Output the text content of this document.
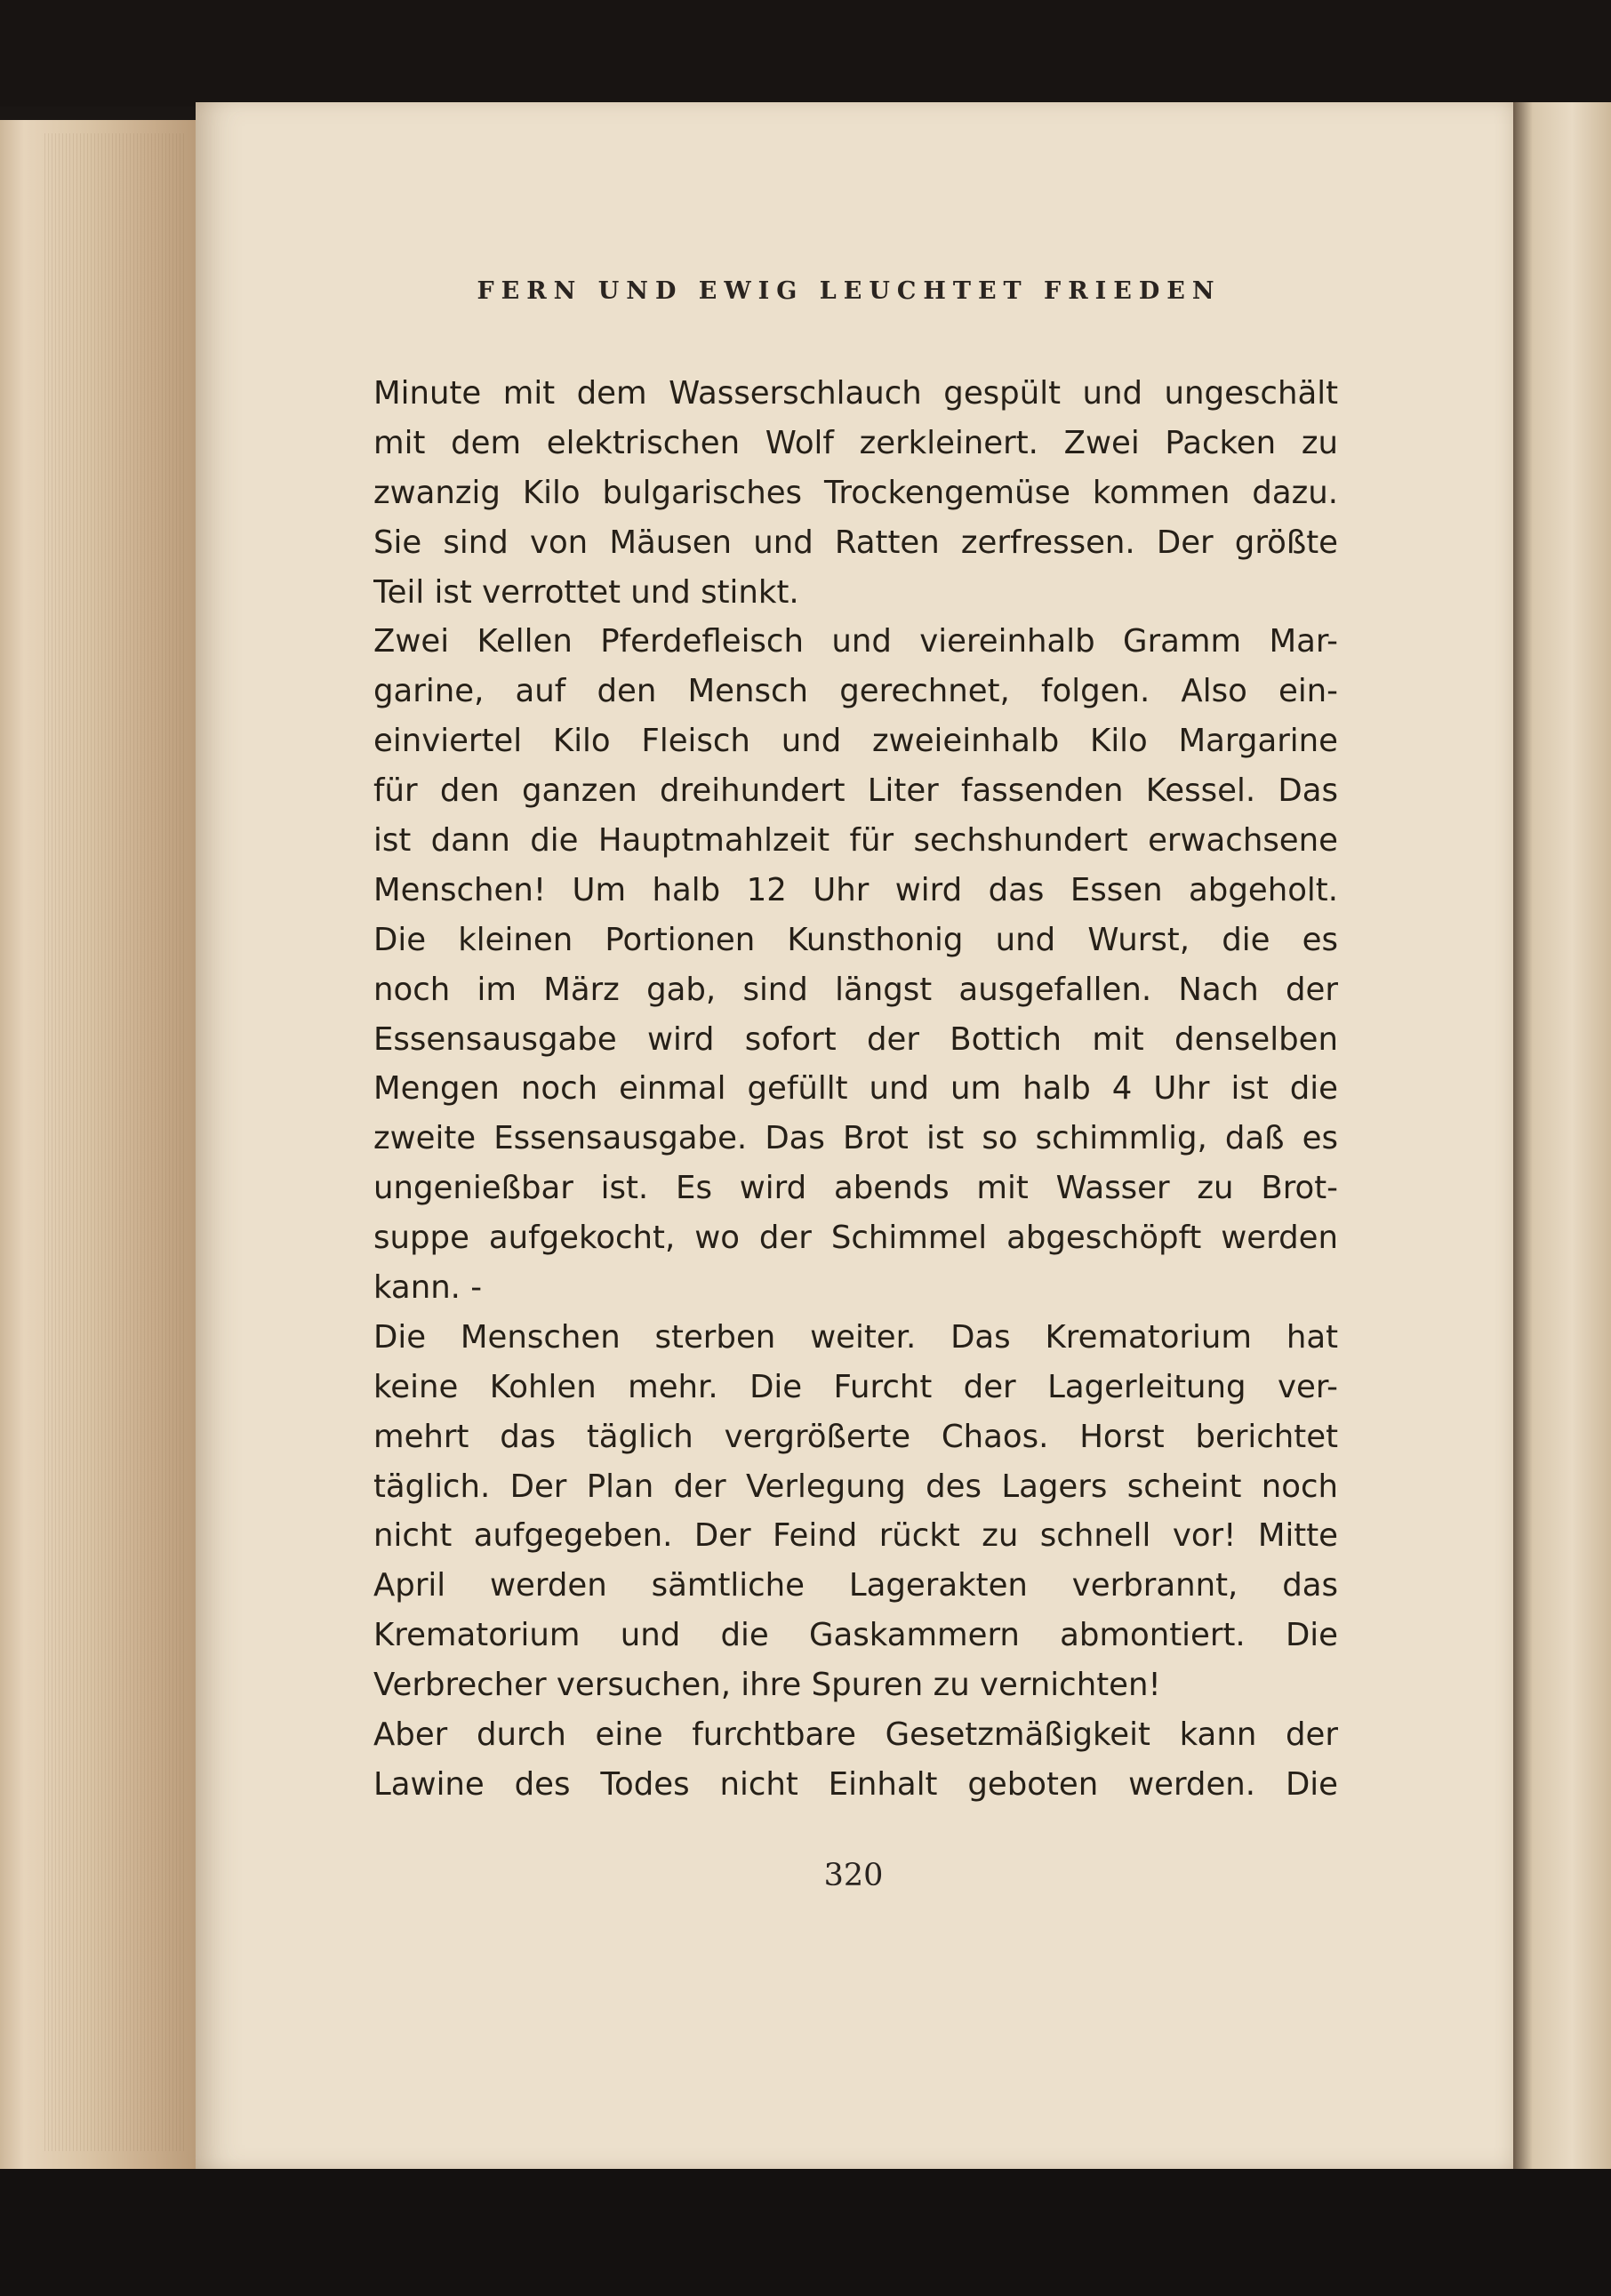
FERN UND EWIG LEUCHTET FRIEDEN
Minute mit dem Wasserschlauch gespült und ungeschält
mit dem elektrischen Wolf zerkleinert. Zwei Packen zu
zwanzig Kilo bulgarisches Trockengemüse kommen dazu.
Sie sind von Mäusen und Ratten zerfressen. Der größte
Teil ist verrottet und stinkt.
Zwei Kellen Pferdefleisch und viereinhalb Gramm Mar-
garine, auf den Mensch gerechnet, folgen. Also ein-
einviertel Kilo Fleisch und zweieinhalb Kilo Margarine
für den ganzen dreihundert Liter fassenden Kessel. Das
ist dann die Hauptmahlzeit für sechshundert erwachsene
Menschen! Um halb 12 Uhr wird das Essen abgeholt.
Die kleinen Portionen Kunsthonig und Wurst, die es
noch im März gab, sind längst ausgefallen. Nach der
Essensausgabe wird sofort der Bottich mit denselben
Mengen noch einmal gefüllt und um halb 4 Uhr ist die
zweite Essensausgabe. Das Brot ist so schimmlig, daß es
ungenießbar ist. Es wird abends mit Wasser zu Brot-
suppe aufgekocht, wo der Schimmel abgeschöpft werden
kann. -
Die Menschen sterben weiter. Das Krematorium hat
keine Kohlen mehr. Die Furcht der Lagerleitung ver-
mehrt das täglich vergrößerte Chaos. Horst berichtet
täglich. Der Plan der Verlegung des Lagers scheint noch
nicht aufgegeben. Der Feind rückt zu schnell vor! Mitte
April werden sämtliche Lagerakten verbrannt, das
Krematorium und die Gaskammern abmontiert. Die
Verbrecher versuchen, ihre Spuren zu vernichten!
Aber durch eine furchtbare Gesetzmäßigkeit kann der
Lawine des Todes nicht Einhalt geboten werden. Die
320
